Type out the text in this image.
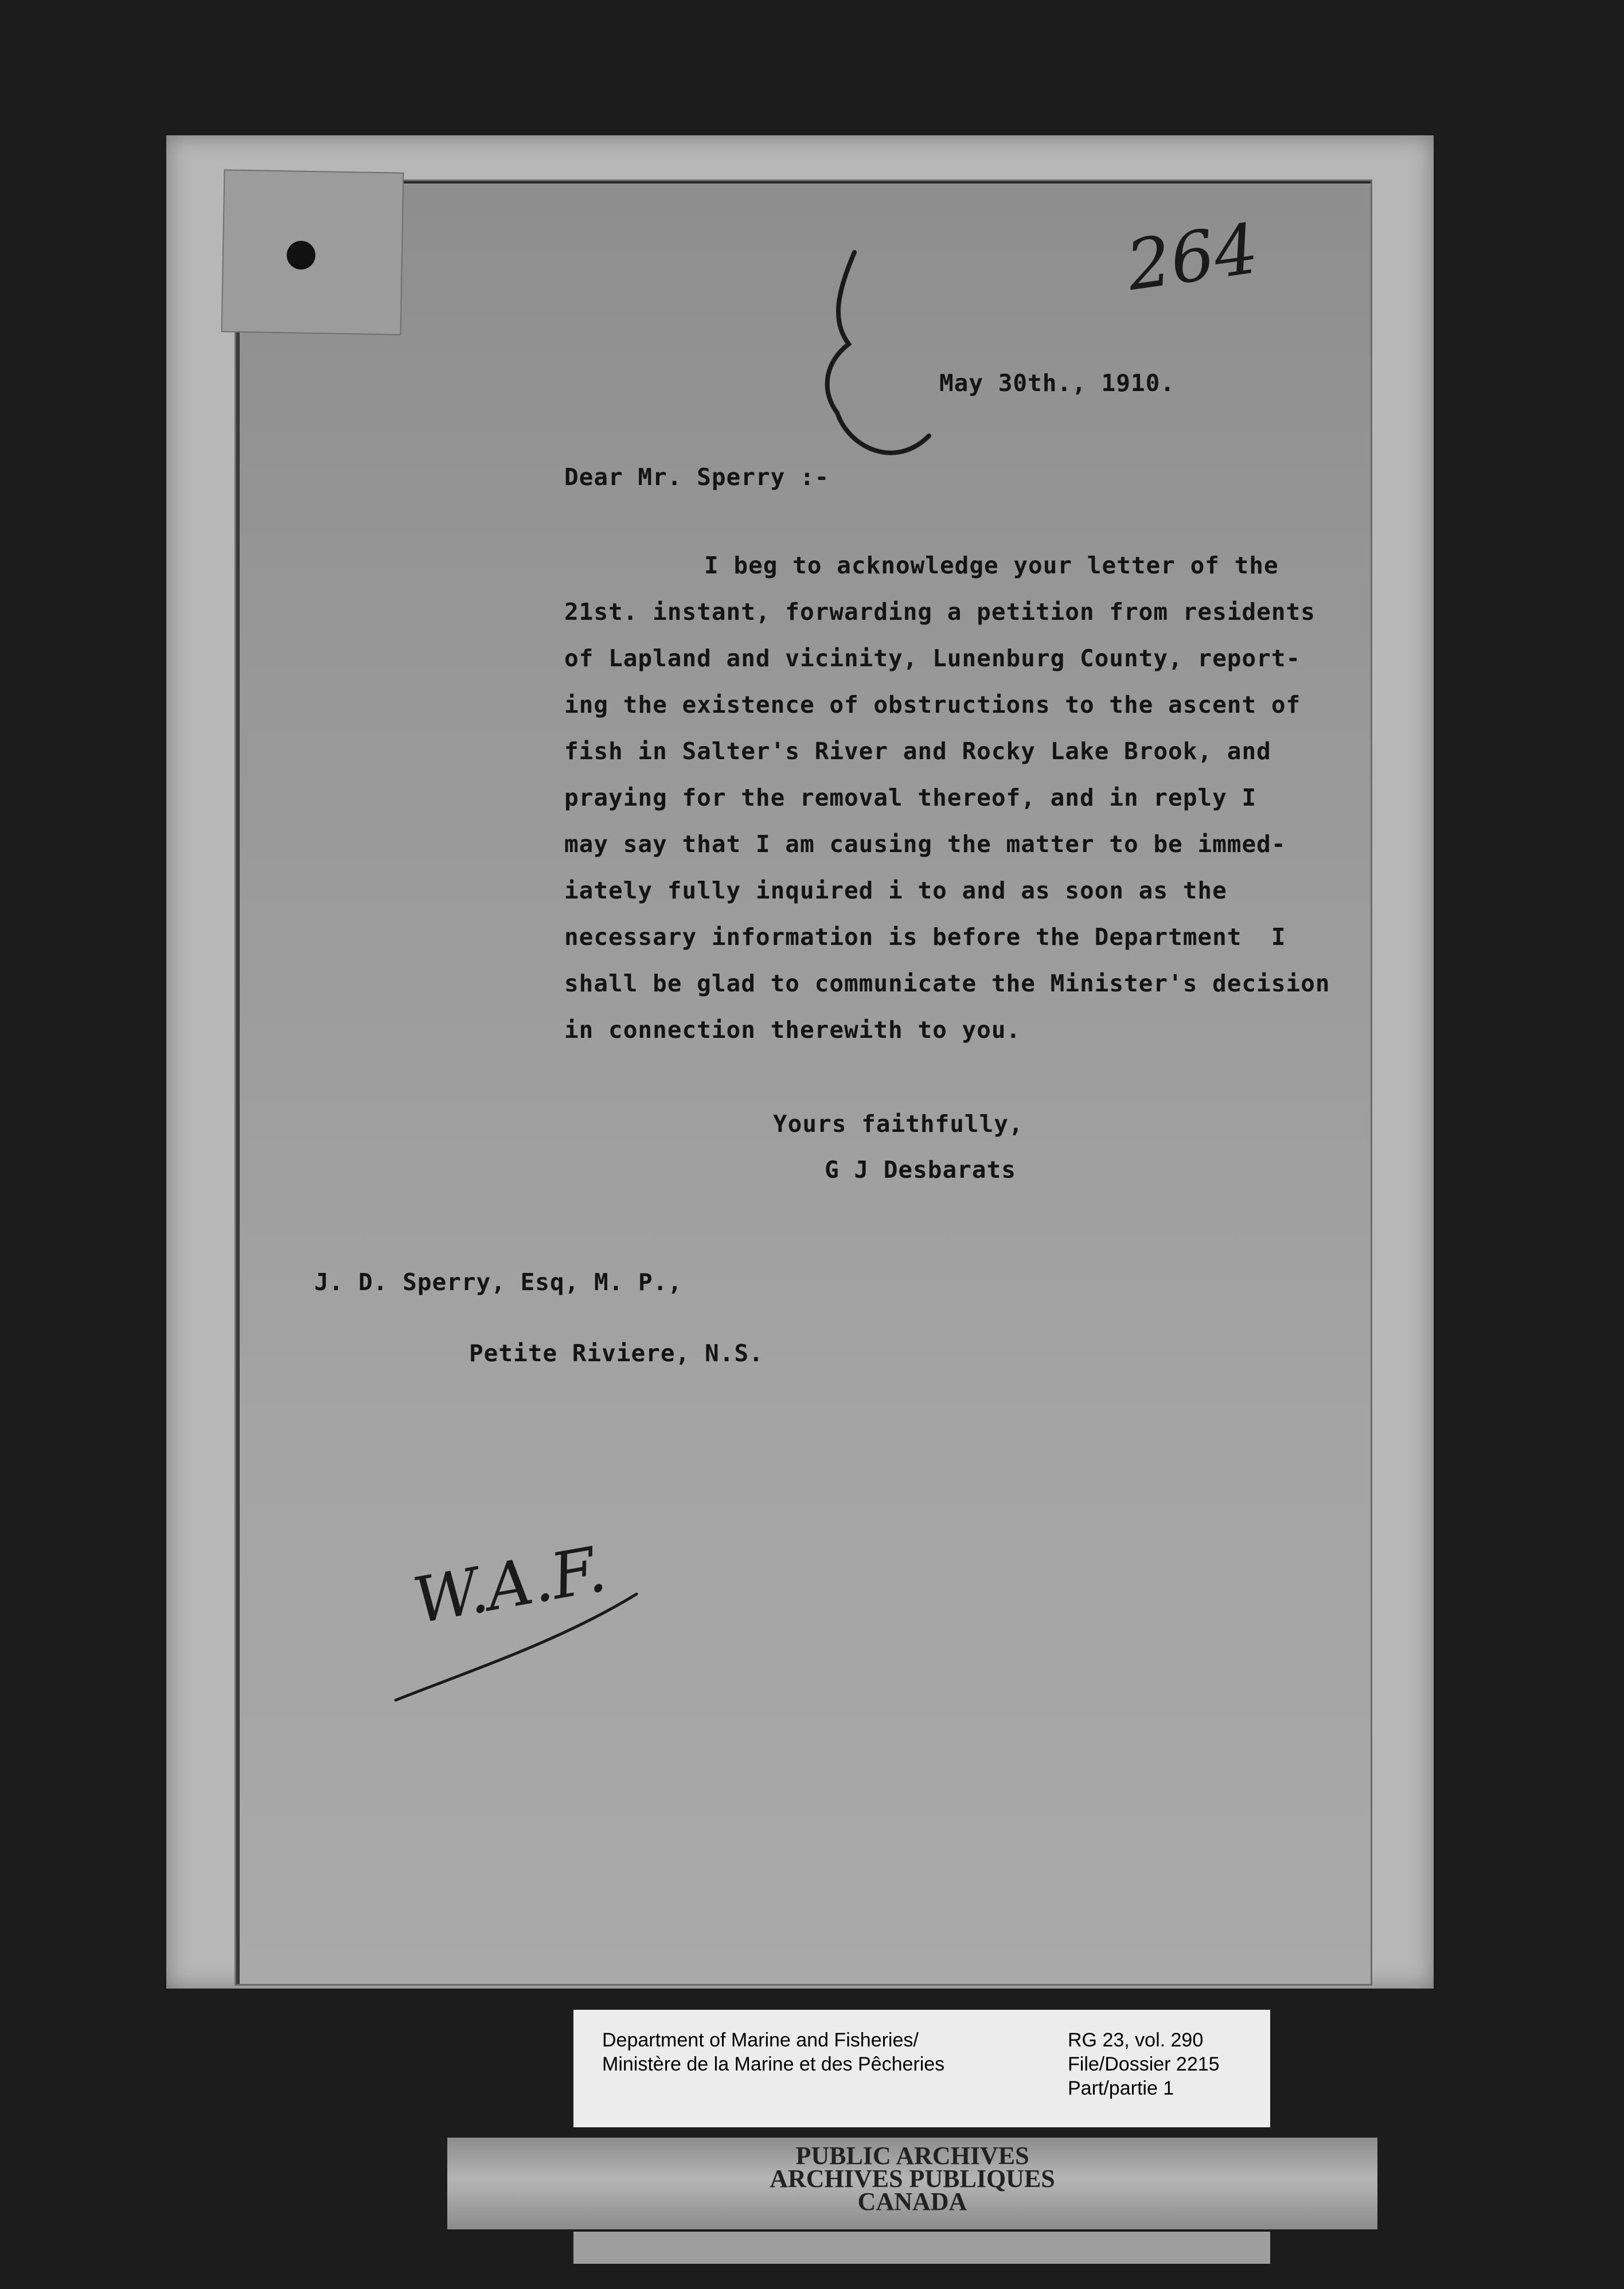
264
May 30th., 1910.
Dear Mr. Sperry :-
I beg to acknowledge your letter of the
21st. instant, forwarding a petition from residents
of Lapland and vicinity, Lunenburg County, report-
ing the existence of obstructions to the ascent of
fish in Salter's River and Rocky Lake Brook, and
praying for the removal thereof, and in reply I
may say that I am causing the matter to be immed-
iately fully inquired i to and as soon as the
necessary information is before the Department  I
shall be glad to communicate the Minister's decision
in connection therewith to you.
Yours faithfully,
G J Desbarats
J. D. Sperry, Esq, M. P.,
Petite Riviere, N.S.
W.A.F.
Department of Marine and Fisheries/
Ministère de la Marine et des Pêcheries
RG 23, vol. 290
File/Dossier 2215
Part/partie 1
PUBLIC ARCHIVES
ARCHIVES PUBLIQUES
CANADA
